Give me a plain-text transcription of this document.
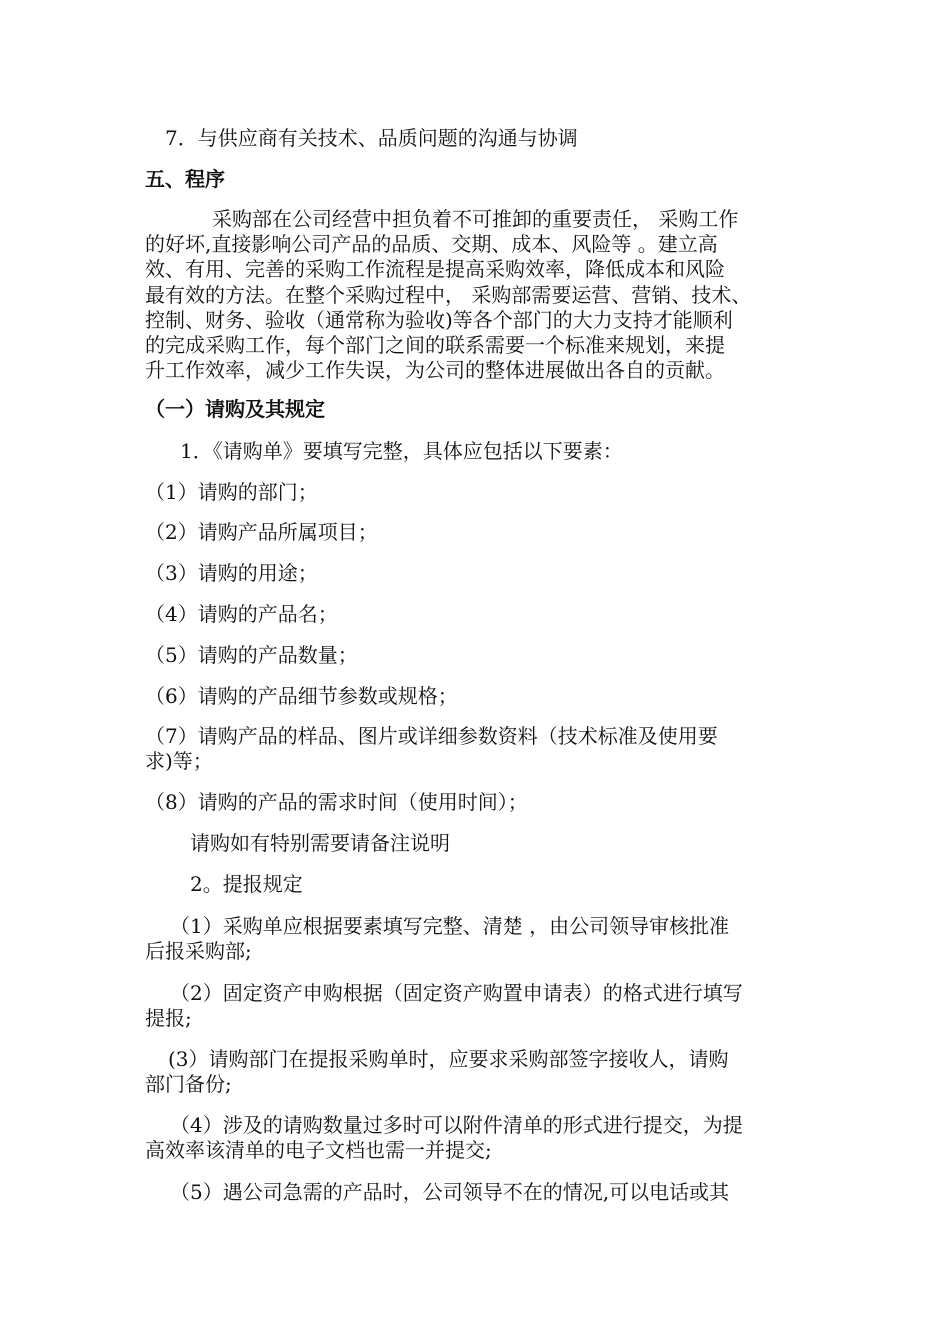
7．与供应商有关技术、品质问题的沟通与协调
五、程序
采购部在公司经营中担负着不可推卸的重要责任， 采购工作
的好坏,直接影响公司产品的品质、交期、成本、风险等 。建立高
效、有用、完善的采购工作流程是提高采购效率，降低成本和风险
最有效的方法。在整个采购过程中， 采购部需要运营、营销、技术、
控制、财务、验收（通常称为验收)等各个部门的大力支持才能顺利
的完成采购工作，每个部门之间的联系需要一个标准来规划，来提
升工作效率，减少工作失误，为公司的整体进展做出各自的贡献。
（一）请购及其规定
1．《请购单》要填写完整，具体应包括以下要素：
（1）请购的部门；
（2）请购产品所属项目；
（3）请购的用途；
（4）请购的产品名；
（5）请购的产品数量；
（6）请购的产品细节参数或规格；
（7）请购产品的样品、图片或详细参数资料（技术标准及使用要
求)等；
（8）请购的产品的需求时间（使用时间）；
请购如有特别需要请备注说明
2。提报规定
（1）采购单应根据要素填写完整、清楚 ，由公司领导审核批准
后报采购部;
（2）固定资产申购根据（固定资产购置申请表）的格式进行填写
提报;
(3）请购部门在提报采购单时，应要求采购部签字接收人，请购
部门备份;
（4）涉及的请购数量过多时可以附件清单的形式进行提交，为提
高效率该清单的电子文档也需一并提交;
（5）遇公司急需的产品时，公司领导不在的情况,可以电话或其
